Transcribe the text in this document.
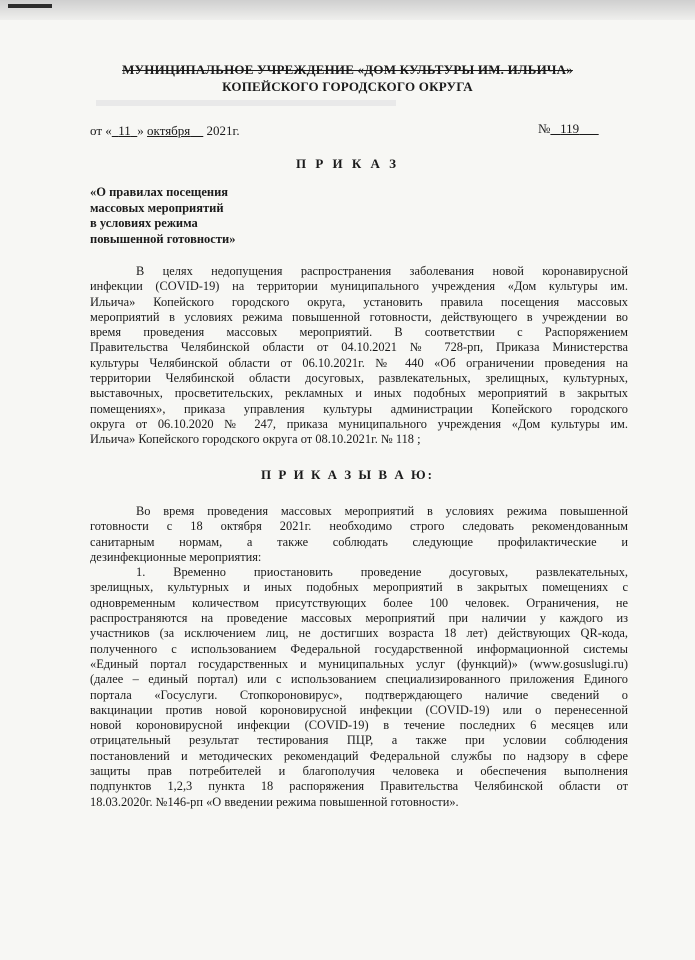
МУНИЦИПАЛЬНОЕ УЧРЕЖДЕНИЕ «ДОМ КУЛЬТУРЫ ИМ. ИЛЬИЧА»
КОПЕЙСКОГО ГОРОДСКОГО ОКРУГА
от « 11 » октября 2021г.	№ 119
П Р И К А З
«О правилах посещения
массовых мероприятий
в условиях режима
повышенной готовности»
В целях недопущения распространения заболевания новой коронавирусной
инфекции (COVID-19) на территории муниципального учреждения «Дом культуры им.
Ильича» Копейского городского округа, установить правила посещения массовых
мероприятий в условиях режима повышенной готовности, действующего в учреждении во
время проведения массовых мероприятий. В соответствии с Распоряжением
Правительства Челябинской области от 04.10.2021 № 728-рп, Приказа Министерства
культуры Челябинской области от 06.10.2021г. № 440 «Об ограничении проведения на
территории Челябинской области досуговых, развлекательных, зрелищных, культурных,
выставочных, просветительских, рекламных и иных подобных мероприятий в закрытых
помещениях», приказа управления культуры администрации Копейского городского
округа от 06.10.2020 № 247, приказа муниципального учреждения «Дом культуры им.
Ильича» Копейского городского округа от 08.10.2021г. № 118 ;
П Р И К А З Ы В А Ю:
Во время проведения массовых мероприятий в условиях режима повышенной
готовности с 18 октября 2021г. необходимо строго следовать рекомендованным
санитарным нормам, а также соблюдать следующие профилактические и
дезинфекционные мероприятия:
1. Временно приостановить проведение досуговых, развлекательных,
зрелищных, культурных и иных подобных мероприятий в закрытых помещениях с
одновременным количеством присутствующих более 100 человек. Ограничения, не
распространяются на проведение массовых мероприятий при наличии у каждого из
участников (за исключением лиц, не достигших возраста 18 лет) действующих QR-кода,
полученного с использованием Федеральной государственной информационной системы
«Единый портал государственных и муниципальных услуг (функций)» (www.gosuslugi.ru)
(далее – единый портал) или с использованием специализированного приложения Единого
портала «Госуслуги. Стопкороновирус», подтверждающего наличие сведений о
вакцинации против новой короновирусной инфекции (COVID-19) или о перенесенной
новой короновирусной инфекции (COVID-19) в течение последних 6 месяцев или
отрицательный результат тестирования ПЦР, а также при условии соблюдения
постановлений и методических рекомендаций Федеральной службы по надзору в сфере
защиты прав потребителей и благополучия человека и обеспечения выполнения
подпунктов 1,2,3 пункта 18 распоряжения Правительства Челябинской области от
18.03.2020г. №146-рп «О введении режима повышенной готовности».
